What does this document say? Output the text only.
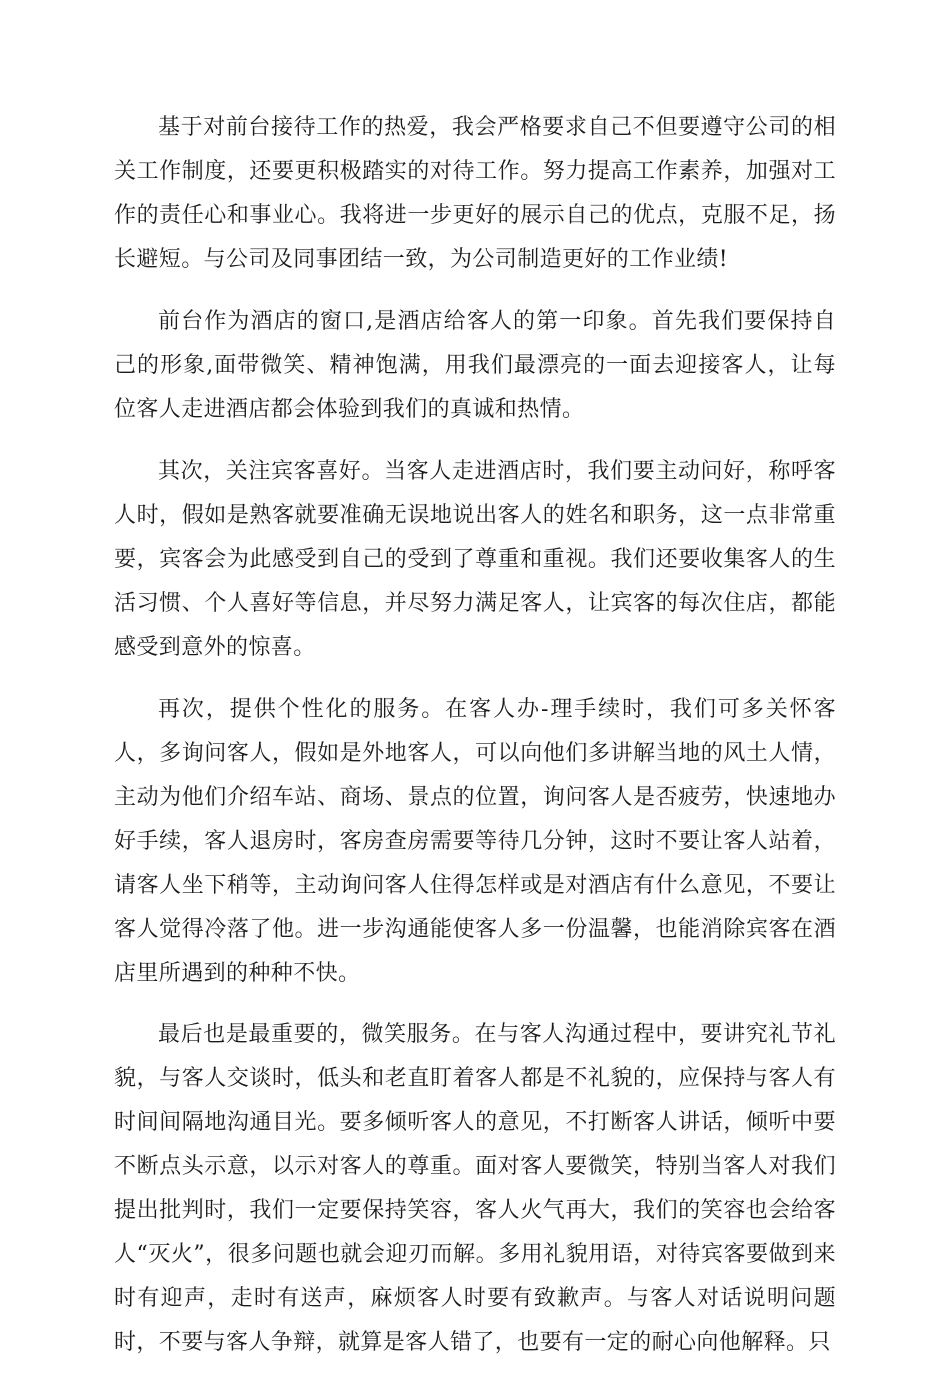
基于对前台接待工作的热爱，我会严格要求自己不但要遵守公司的相关工作制度，还要更积极踏实的对待工作。努力提高工作素养，加强对工作的责任心和事业心。我将进一步更好的展示自己的优点，克服不足，扬长避短。与公司及同事团结一致，为公司制造更好的工作业绩!

前台作为酒店的窗口,是酒店给客人的第一印象。首先我们要保持自己的形象,面带微笑、精神饱满，用我们最漂亮的一面去迎接客人，让每位客人走进酒店都会体验到我们的真诚和热情。

其次，关注宾客喜好。当客人走进酒店时，我们要主动问好，称呼客人时，假如是熟客就要准确无误地说出客人的姓名和职务，这一点非常重要，宾客会为此感受到自己的受到了尊重和重视。我们还要收集客人的生活习惯、个人喜好等信息，并尽努力满足客人，让宾客的每次住店，都能感受到意外的惊喜。

再次，提供个性化的服务。在客人办-理手续时，我们可多关怀客人，多询问客人，假如是外地客人，可以向他们多讲解当地的风土人情，主动为他们介绍车站、商场、景点的位置，询问客人是否疲劳，快速地办好手续，客人退房时，客房查房需要等待几分钟，这时不要让客人站着，请客人坐下稍等，主动询问客人住得怎样或是对酒店有什么意见，不要让客人觉得冷落了他。进一步沟通能使客人多一份温馨，也能消除宾客在酒店里所遇到的种种不快。

最后也是最重要的，微笑服务。在与客人沟通过程中，要讲究礼节礼貌，与客人交谈时，低头和老直盯着客人都是不礼貌的，应保持与客人有时间间隔地沟通目光。要多倾听客人的意见，不打断客人讲话，倾听中要不断点头示意，以示对客人的尊重。面对客人要微笑，特别当客人对我们提出批判时，我们一定要保持笑容，客人火气再大，我们的笑容也会给客人“灭火”，很多问题也就会迎刃而解。多用礼貌用语，对待宾客要做到来时有迎声，走时有送声，麻烦客人时要有致歉声。与客人对话说明问题时，不要与客人争辩，就算是客人错了，也要有一定的耐心向他解释。只
